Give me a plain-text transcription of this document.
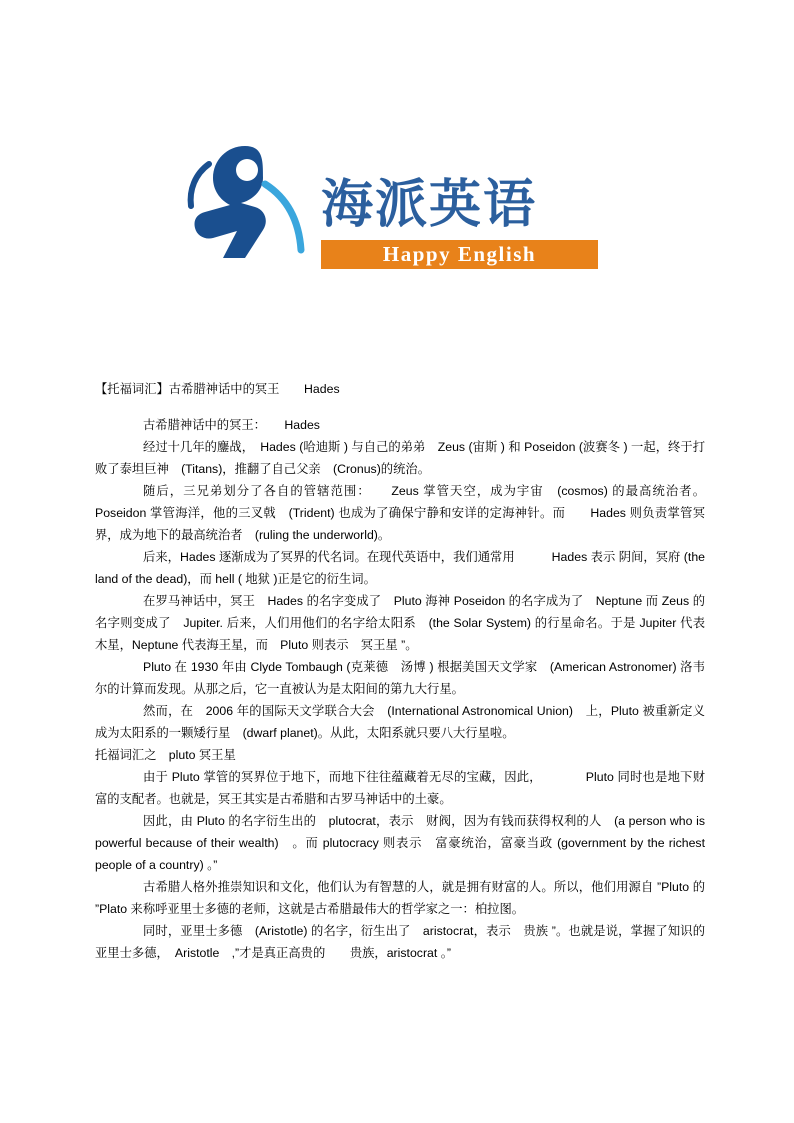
海派英语
Happy English

【托福词汇】古希腊神话中的冥王　　Hades

古希腊神话中的冥王：　　Hades

经过十几年的鏖战，　Hades (哈迪斯 ) 与自己的弟弟　Zeus (宙斯 ) 和 Poseidon (波赛冬 ) 一起，终于打败了泰坦巨神　(Titans)，推翻了自己父亲　(Cronus)的统治。

随后，三兄弟划分了各自的管辖范围：　　Zeus 掌管天空，成为宇宙　(cosmos) 的最高统治者。Poseidon 掌管海洋，他的三叉戟　(Trident) 也成为了确保宁静和安详的定海神针。而　　Hades 则负责掌管冥界，成为地下的最高统治者　(ruling the underworld)。

后来，Hades 逐渐成为了冥界的代名词。在现代英语中，我们通常用　　　Hades 表示 阴间，冥府 (the land of the dead)，而 hell ( 地狱 )正是它的衍生词。

在罗马神话中，冥王　Hades 的名字变成了　Pluto 海神 Poseidon 的名字成为了　Neptune 而 Zeus 的名字则变成了　Jupiter. 后来，人们用他们的名字给太阳系　(the Solar System) 的行星命名。于是 Jupiter 代表木星，Neptune 代表海王星，而　Pluto 则表示　冥王星 ”。

Pluto 在 1930 年由 Clyde Tombaugh (克莱德　汤博 ) 根据美国天文学家　(American Astronomer) 洛韦尔的计算而发现。从那之后，它一直被认为是太阳间的第九大行星。

然而，在　2006 年的国际天文学联合大会　(International Astronomical Union)　上，Pluto 被重新定义成为太阳系的一颗矮行星　(dwarf planet)。从此，太阳系就只要八大行星啦。

托福词汇之　pluto 冥王星

由于 Pluto 掌管的冥界位于地下，而地下往往蕴藏着无尽的宝藏，因此，　　　　Pluto 同时也是地下财富的支配者。也就是，冥王其实是古希腊和古罗马神话中的土豪。

因此，由 Pluto 的名字衍生出的　plutocrat，表示　财阀，因为有钱而获得权利的人　(a person who is powerful because of their wealth)　。而 plutocracy 则表示　富豪统治，富豪当政 (government by the richest people of a country) 。”

古希腊人格外推崇知识和文化，他们认为有智慧的人，就是拥有财富的人。所以，他们用源自 ”Pluto 的 ”Plato 来称呼亚里士多德的老师，这就是古希腊最伟大的哲学家之一：柏拉图。

同时，亚里士多德　(Aristotle) 的名字，衍生出了　aristocrat，表示　贵族 ”。也就是说，掌握了知识的　亚里士多德，　Aristotle　,”才是真正高贵的　　贵族，aristocrat 。”
